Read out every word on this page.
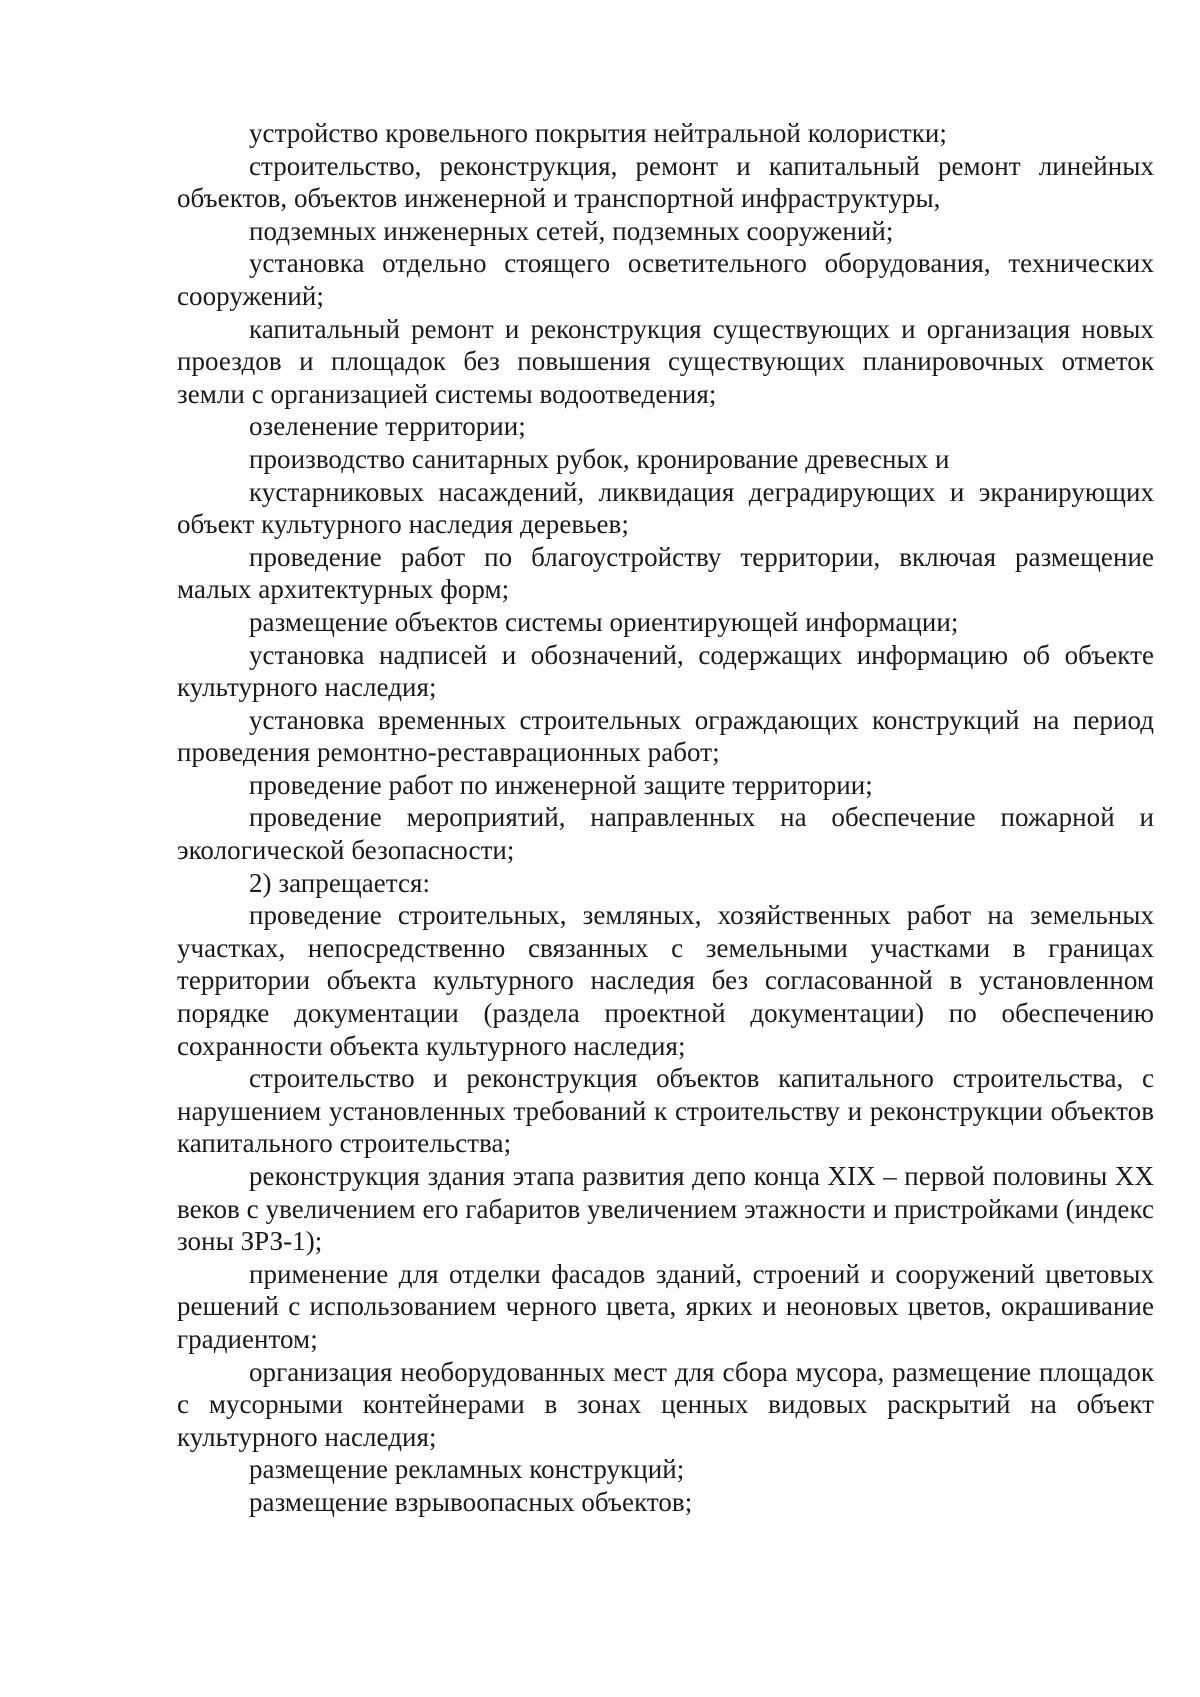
устройство кровельного покрытия нейтральной колористки;

строительство, реконструкция, ремонт и капитальный ремонт линейных объектов, объектов инженерной и транспортной инфраструктуры,

подземных инженерных сетей, подземных сооружений;

установка отдельно стоящего осветительного оборудования, технических сооружений;

капитальный ремонт и реконструкция существующих и организация новых проездов и площадок без повышения существующих планировочных отметок земли с организацией системы водоотведения;

озеленение территории;

производство санитарных рубок, кронирование древесных и

кустарниковых насаждений, ликвидация деградирующих и экранирующих объект культурного наследия деревьев;

проведение работ по благоустройству территории, включая размещение малых архитектурных форм;

размещение объектов системы ориентирующей информации;

установка надписей и обозначений, содержащих информацию об объекте культурного наследия;

установка временных строительных ограждающих конструкций на период проведения ремонтно-реставрационных работ;

проведение работ по инженерной защите территории;

проведение мероприятий, направленных на обеспечение пожарной и экологической безопасности;

2) запрещается:

проведение строительных, земляных, хозяйственных работ на земельных участках, непосредственно связанных с земельными участками в границах территории объекта культурного наследия без согласованной в установленном порядке документации (раздела проектной документации) по обеспечению сохранности объекта культурного наследия;

строительство и реконструкция объектов капитального строительства, с нарушением установленных требований к строительству и реконструкции объектов капитального строительства;

реконструкция здания этапа развития депо конца XIX – первой половины XX веков с увеличением его габаритов увеличением этажности и пристройками (индекс зоны ЗРЗ-1);

применение для отделки фасадов зданий, строений и сооружений цветовых решений с использованием черного цвета, ярких и неоновых цветов, окрашивание градиентом;

организация необорудованных мест для сбора мусора, размещение площадок с мусорными контейнерами в зонах ценных видовых раскрытий на объект культурного наследия;

размещение рекламных конструкций;

размещение взрывоопасных объектов;
